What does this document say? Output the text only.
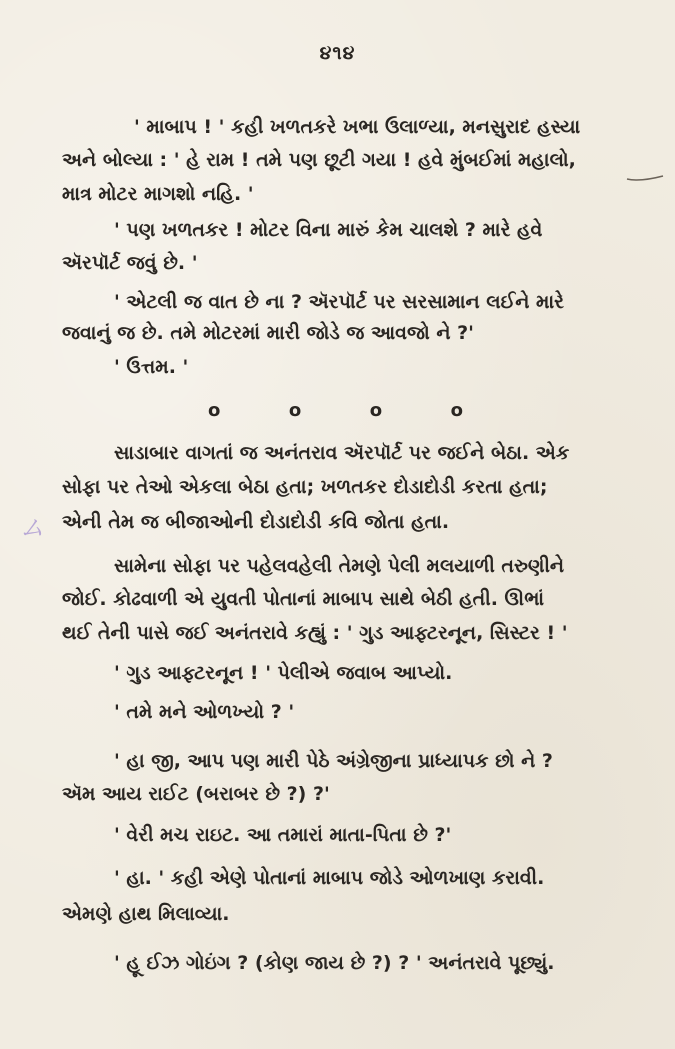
૪૧૪
' માબાપ ! ' કહી ખળતકરે ખભા ઉલાળ્યા, મનસુરાદ હસ્યા
અને બોલ્યા : ' હે રામ ! તમે પણ છૂટી ગયા ! હવે મુંબઈમાં મહાલો,
માત્ર મોટર માગશો નહિ. '
' પણ ખળતકર ! મોટર વિના મારું કેમ ચાલશે ? મારે હવે
ઍરપૉર્ટ જવું છે. '
' એટલી જ વાત છે ના ? ઍરપૉર્ટ પર સરસામાન લઈને મારે
જવાનું જ છે. તમે મોટરમાં મારી જોડે જ આવજો ને ?'
' ઉત્તમ. '
o	o	o	o
સાડાબાર વાગતાં જ અનંતરાવ ઍરપૉર્ટ પર જઈને બેઠા. એક
સોફા પર તેઓ એકલા બેઠા હતા; ખળતકર દોડાદોડી કરતા હતા;
એની તેમ જ બીજાઓની દોડાદોડી કવિ જોતા હતા.
સામેના સોફા પર પહેલવહેલી તેમણે પેલી મલયાળી તરુણીને
જોઈ. કોઢવાળી એ યુવતી પોતાનાં માબાપ સાથે બેઠી હતી. ઊભાં
થઈ તેની પાસે જઈ અનંતરાવે કહ્યું : ' ગુડ આફ્ટરનૂન, સિસ્ટર ! '
' ગુડ આફ્ટરનૂન ! ' પેલીએ જવાબ આપ્યો.
' તમે મને ઓળખ્યો ? '
' હા જી, આપ પણ મારી પેઠે અંગ્રેજીના પ્રાધ્યાપક છો ને ?
ઍમ આય રાઈટ (બરાબર છે ?) ?'
' વેરી મચ રાઇટ. આ તમારાં માતા-પિતા છે ?'
' હા. ' કહી એણે પોતાનાં માબાપ જોડે ઓળખાણ કરાવી.
એમણે હાથ મિલાવ્યા.
' હૂ ઈઝ ગોઇંગ ? (કોણ જાય છે ?) ? ' અનંતરાવે પૂછ્યું.
ム
